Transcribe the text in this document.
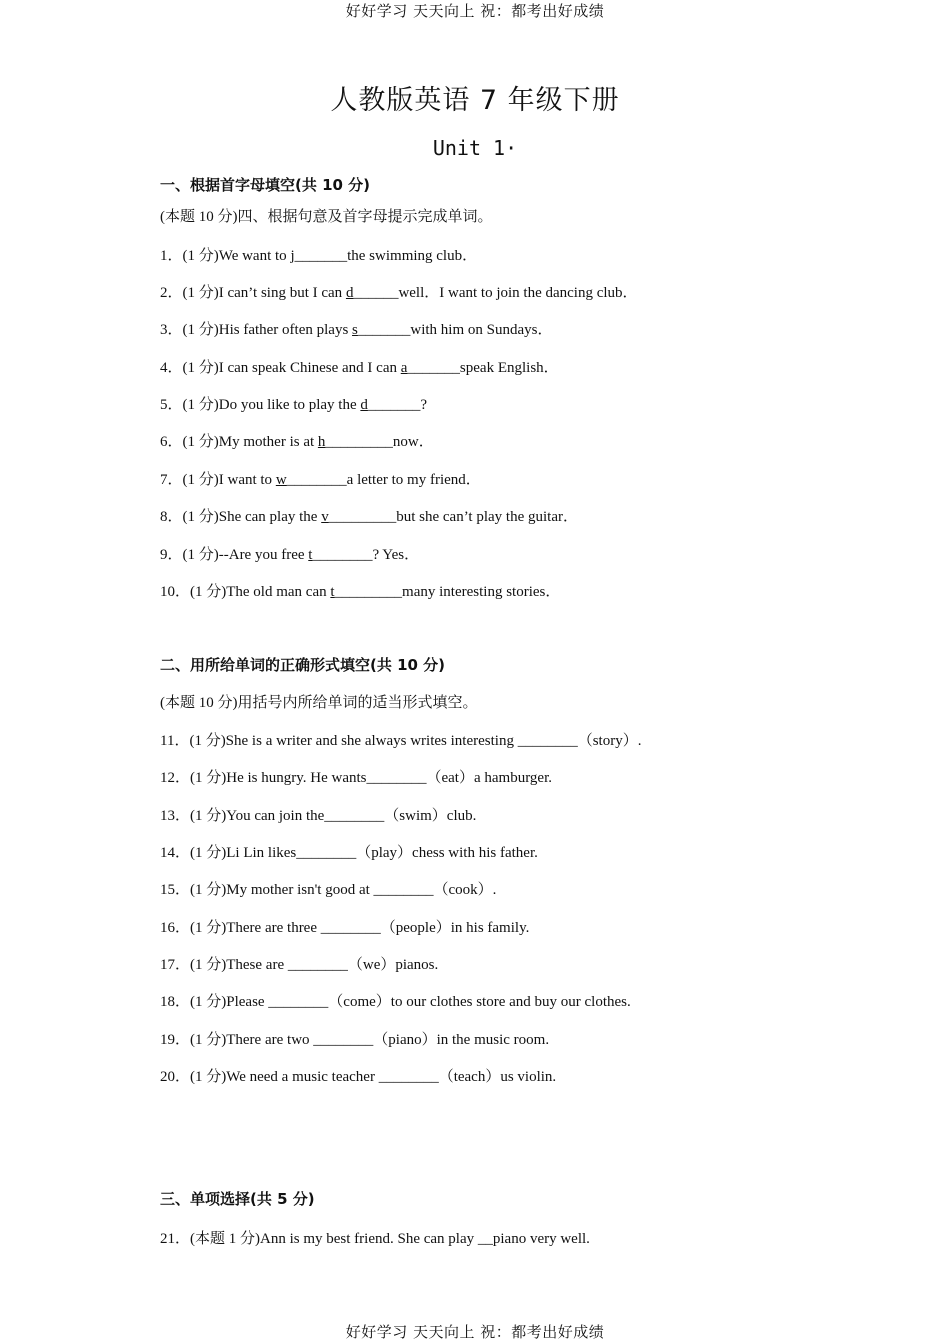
好好学习 天天向上 祝：都考出好成绩
人教版英语 7 年级下册
Unit 1·
一、根据首字母填空(共 10 分)
(本题 10 分)四、根据句意及首字母提示完成单词。
1．(1 分)We want to j_______the swimming club．
2．(1 分)I can’t sing but I can d______well．I want to join the dancing club．
3．(1 分)His father often plays s_______with him on Sundays．
4．(1 分)I can speak Chinese and I can a_______speak English．
5．(1 分)Do you like to play the d_______?
6．(1 分)My mother is at h_________now．
7．(1 分)I want to w________a letter to my friend．
8．(1 分)She can play the v_________but she can’t play the guitar．
9．(1 分)--Are you free t________? Yes．
10．(1 分)The old man can t_________many interesting stories．
二、用所给单词的正确形式填空(共 10 分)
(本题 10 分)用括号内所给单词的适当形式填空。
11．(1 分)She is a writer and she always writes interesting ________（story）.
12．(1 分)He is hungry. He wants________（eat）a hamburger.
13．(1 分)You can join the________（swim）club.
14．(1 分)Li Lin likes________（play）chess with his father.
15．(1 分)My mother isn't good at ________（cook）.
16．(1 分)There are three ________（people）in his family.
17．(1 分)These are ________（we）pianos.
18．(1 分)Please ________（come）to our clothes store and buy our clothes.
19．(1 分)There are two ________（piano）in the music room.
20．(1 分)We need a music teacher ________（teach）us violin.
三、单项选择(共 5 分)
21．(本题 1 分)Ann is my best friend. She can play __piano very well.
好好学习 天天向上 祝：都考出好成绩
